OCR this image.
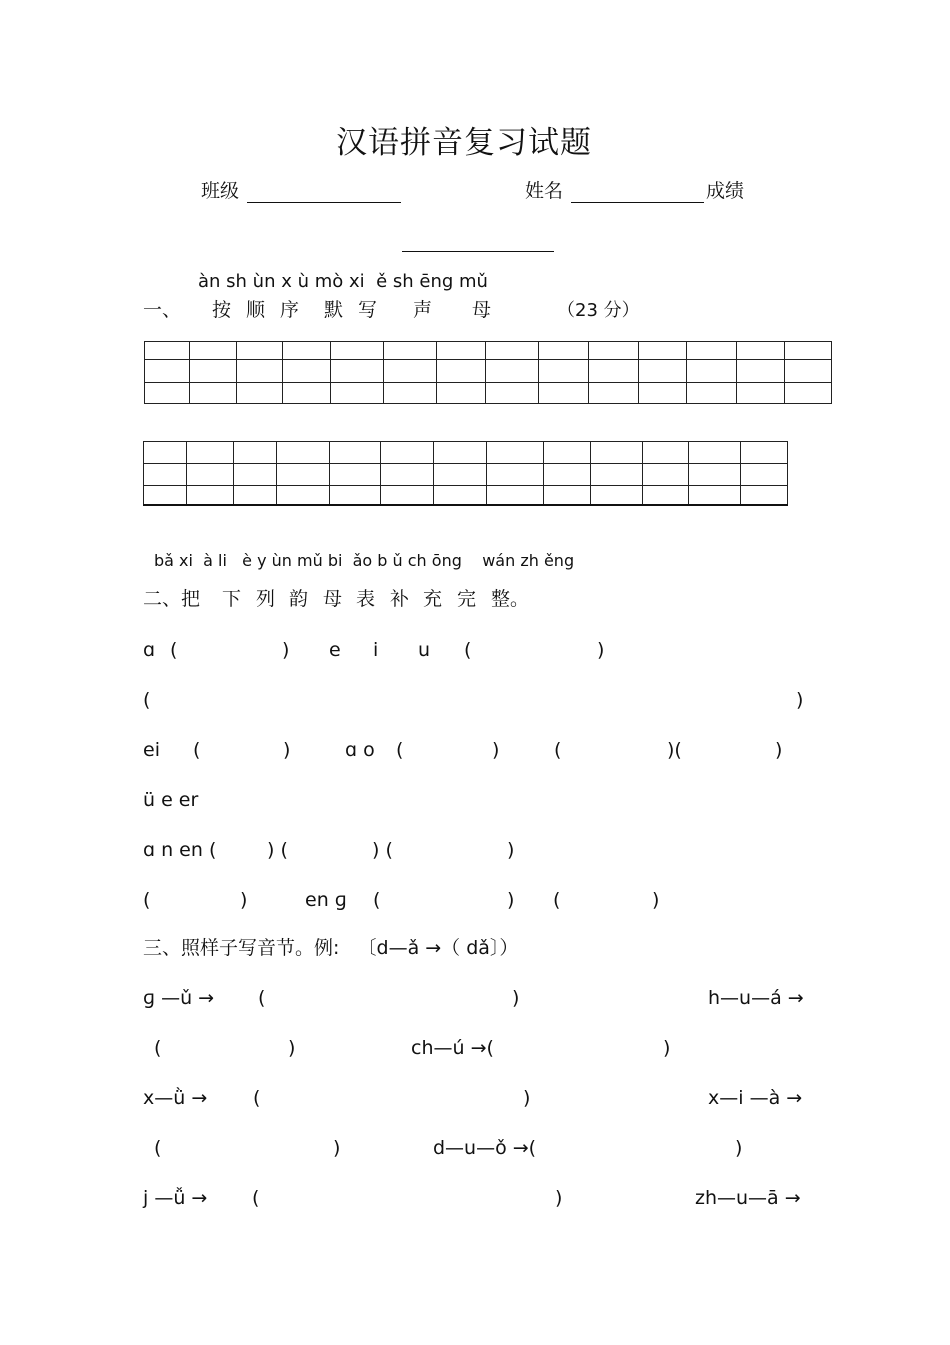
汉语拼音复习试题
班级	姓名	成绩
àn sh ùn x ù mò xi  ě sh ēng mǔ
一、 按 顺 序 默 写 声 母	（23 分）

bǎ xi  à li   è y ùn mǔ bi  ǎo b ǔ ch ōng    wán zh ěng
二、把 下 列 韵 母 表 补 充 完 整。
ɑ (	) e i u (	)
(	)
ei (	)	ɑ o (	)	(	)(	)
ü e er
ɑ n en (	) (	) (	)
(	)	en ɡ (	) (	)
三、照样子写音节。例:   〔d—ǎ →（ dǎ〕）
ɡ —ǔ → (	)	h—u—á →
(	)	ch—ú →(	)
x—ǜ → (	)	x—i —à →
(	)	d—u—ǒ →(	)
j —ǚ → (	)	zh—u—ā →
